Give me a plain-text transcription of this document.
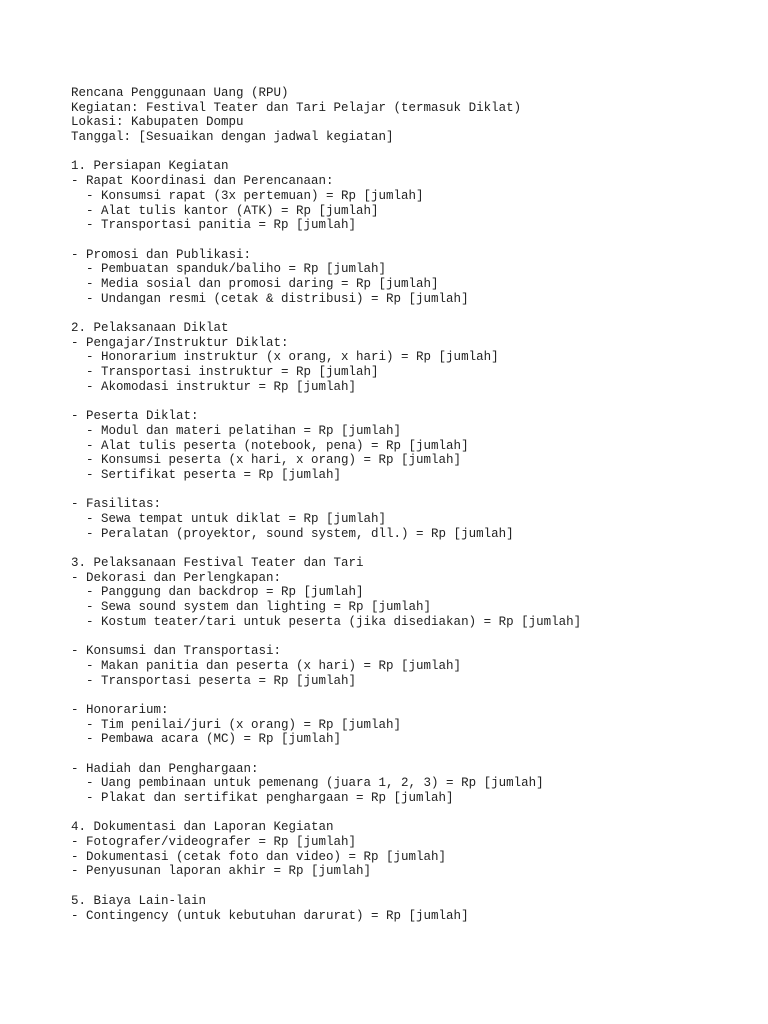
Rencana Penggunaan Uang (RPU)
Kegiatan: Festival Teater dan Tari Pelajar (termasuk Diklat)
Lokasi: Kabupaten Dompu
Tanggal: [Sesuaikan dengan jadwal kegiatan]
1. Persiapan Kegiatan
- Rapat Koordinasi dan Perencanaan:
- Konsumsi rapat (3x pertemuan) = Rp [jumlah]
- Alat tulis kantor (ATK) = Rp [jumlah]
- Transportasi panitia = Rp [jumlah]
- Promosi dan Publikasi:
- Pembuatan spanduk/baliho = Rp [jumlah]
- Media sosial dan promosi daring = Rp [jumlah]
- Undangan resmi (cetak & distribusi) = Rp [jumlah]
2. Pelaksanaan Diklat
- Pengajar/Instruktur Diklat:
- Honorarium instruktur (x orang, x hari) = Rp [jumlah]
- Transportasi instruktur = Rp [jumlah]
- Akomodasi instruktur = Rp [jumlah]
- Peserta Diklat:
- Modul dan materi pelatihan = Rp [jumlah]
- Alat tulis peserta (notebook, pena) = Rp [jumlah]
- Konsumsi peserta (x hari, x orang) = Rp [jumlah]
- Sertifikat peserta = Rp [jumlah]
- Fasilitas:
- Sewa tempat untuk diklat = Rp [jumlah]
- Peralatan (proyektor, sound system, dll.) = Rp [jumlah]
3. Pelaksanaan Festival Teater dan Tari
- Dekorasi dan Perlengkapan:
- Panggung dan backdrop = Rp [jumlah]
- Sewa sound system dan lighting = Rp [jumlah]
- Kostum teater/tari untuk peserta (jika disediakan) = Rp [jumlah]
- Konsumsi dan Transportasi:
- Makan panitia dan peserta (x hari) = Rp [jumlah]
- Transportasi peserta = Rp [jumlah]
- Honorarium:
- Tim penilai/juri (x orang) = Rp [jumlah]
- Pembawa acara (MC) = Rp [jumlah]
- Hadiah dan Penghargaan:
- Uang pembinaan untuk pemenang (juara 1, 2, 3) = Rp [jumlah]
- Plakat dan sertifikat penghargaan = Rp [jumlah]
4. Dokumentasi dan Laporan Kegiatan
- Fotografer/videografer = Rp [jumlah]
- Dokumentasi (cetak foto dan video) = Rp [jumlah]
- Penyusunan laporan akhir = Rp [jumlah]
5. Biaya Lain-lain
- Contingency (untuk kebutuhan darurat) = Rp [jumlah]
